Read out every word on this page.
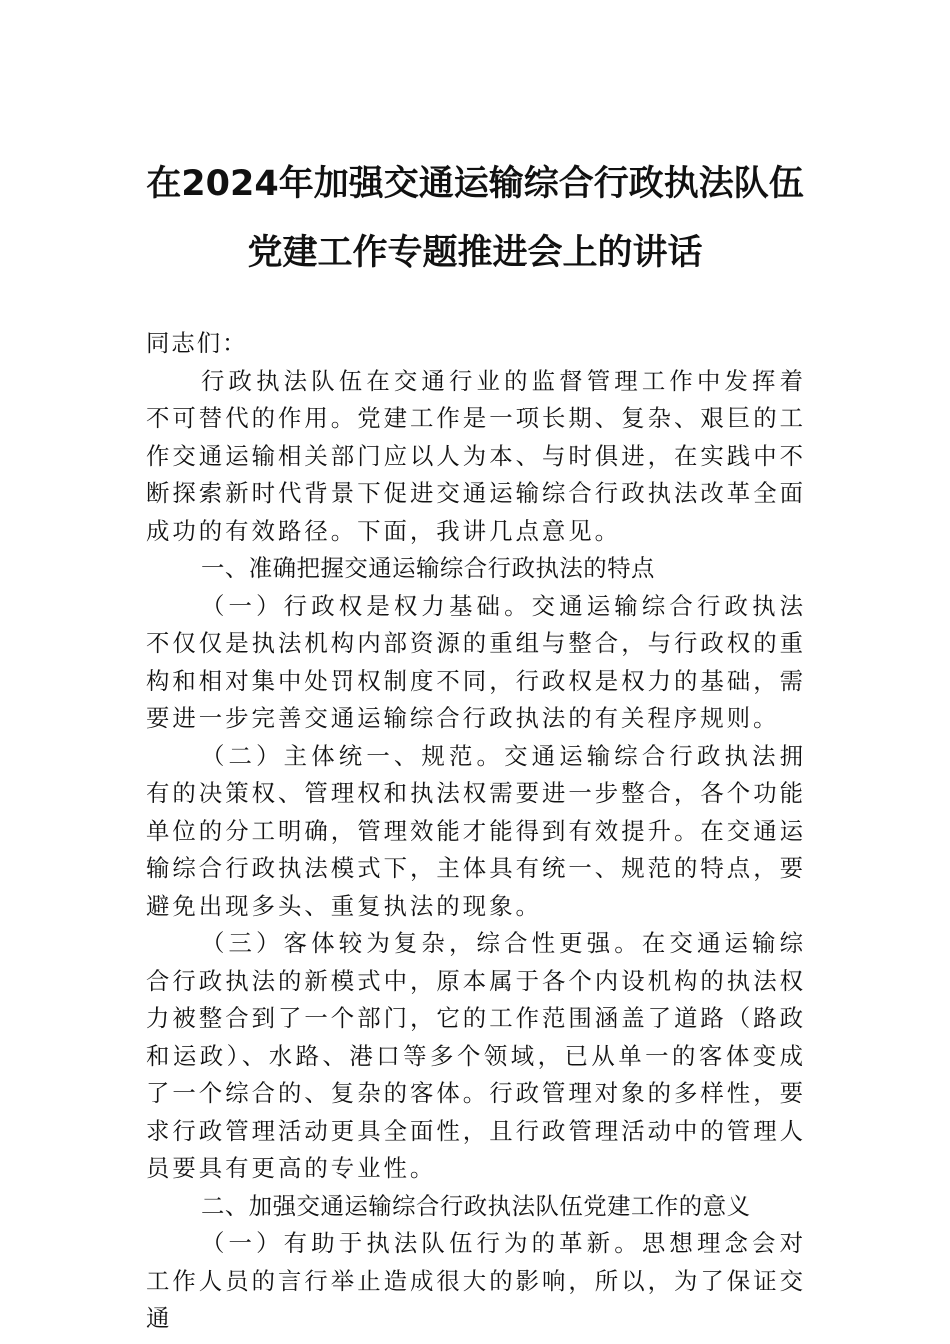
在2024年加强交通运输综合行政执法队伍
党建工作专题推进会上的讲话

同志们：

行政执法队伍在交通行业的监督管理工作中发挥着不可替代的作用。党建工作是一项长期、复杂、艰巨的工作交通运输相关部门应以人为本、与时俱进，在实践中不断探索新时代背景下促进交通运输综合行政执法改革全面成功的有效路径。下面，我讲几点意见。

一、准确把握交通运输综合行政执法的特点

（一）行政权是权力基础。交通运输综合行政执法不仅仅是执法机构内部资源的重组与整合，与行政权的重构和相对集中处罚权制度不同，行政权是权力的基础，需要进一步完善交通运输综合行政执法的有关程序规则。

（二）主体统一、规范。交通运输综合行政执法拥有的决策权、管理权和执法权需要进一步整合，各个功能单位的分工明确，管理效能才能得到有效提升。在交通运输综合行政执法模式下，主体具有统一、规范的特点，要避免出现多头、重复执法的现象。

（三）客体较为复杂，综合性更强。在交通运输综合行政执法的新模式中，原本属于各个内设机构的执法权力被整合到了一个部门，它的工作范围涵盖了道路（路政和运政）、水路、港口等多个领域，已从单一的客体变成了一个综合的、复杂的客体。行政管理对象的多样性，要求行政管理活动更具全面性，且行政管理活动中的管理人员要具有更高的专业性。

二、加强交通运输综合行政执法队伍党建工作的意义

（一）有助于执法队伍行为的革新。思想理念会对工作人员的言行举止造成很大的影响，所以，为了保证交通
